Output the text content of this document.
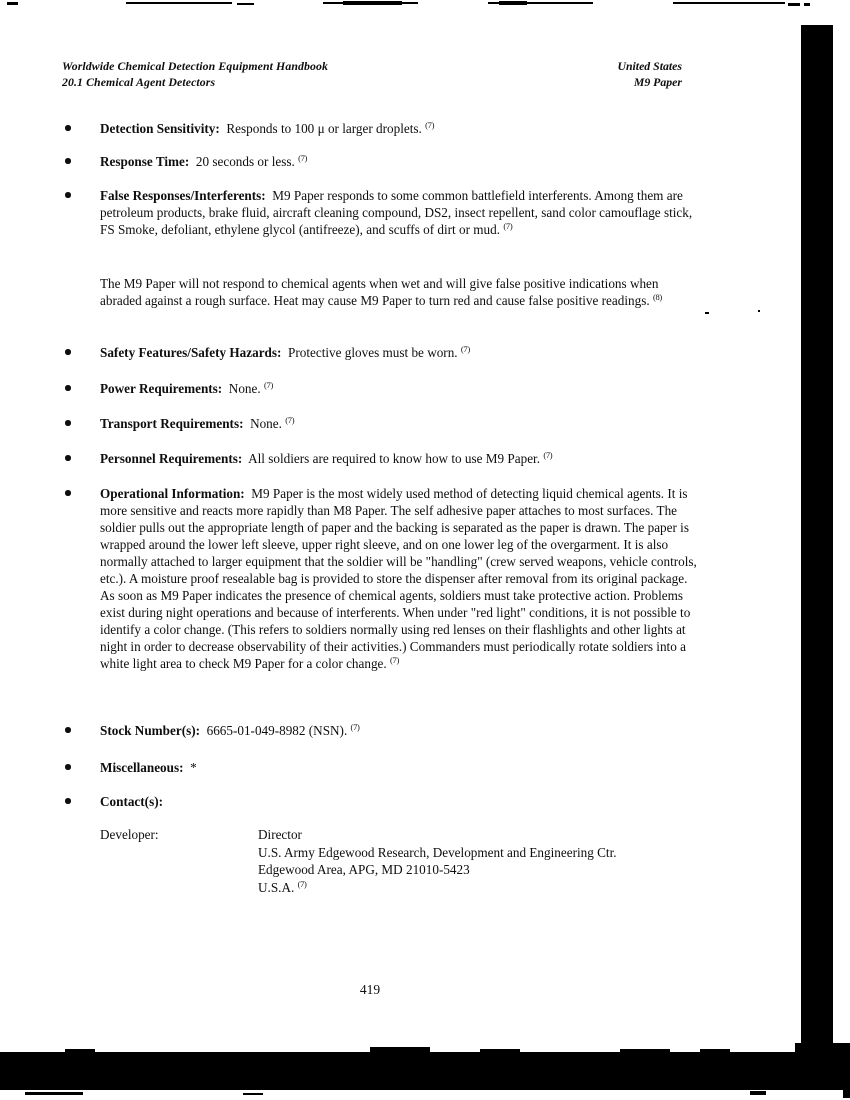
Worldwide Chemical Detection Equipment Handbook
20.1 Chemical Agent Detectors
United States
M9 Paper
Detection Sensitivity:  Responds to 100 μ or larger droplets. $^{(7)}$
Response Time:  20 seconds or less. $^{(7)}$
False Responses/Interferents:  M9 Paper responds to some common battlefield interferents. Among them are petroleum products, brake fluid, aircraft cleaning compound, DS2, insect repellent, sand color camouflage stick, FS Smoke, defoliant, ethylene glycol (antifreeze), and scuffs of dirt or mud. $^{(7)}$
The M9 Paper will not respond to chemical agents when wet and will give false positive indications when abraded against a rough surface. Heat may cause M9 Paper to turn red and cause false positive readings. $^{(8)}$
Safety Features/Safety Hazards:  Protective gloves must be worn. $^{(7)}$
Power Requirements:  None. $^{(7)}$
Transport Requirements:  None. $^{(7)}$
Personnel Requirements:  All soldiers are required to know how to use M9 Paper. $^{(7)}$
Operational Information:  M9 Paper is the most widely used method of detecting liquid chemical agents. It is more sensitive and reacts more rapidly than M8 Paper. The self adhesive paper attaches to most surfaces. The soldier pulls out the appropriate length of paper and the backing is separated as the paper is drawn. The paper is wrapped around the lower left sleeve, upper right sleeve, and on one lower leg of the overgarment. It is also normally attached to larger equipment that the soldier will be "handling" (crew served weapons, vehicle controls, etc.). A moisture proof resealable bag is provided to store the dispenser after removal from its original package. As soon as M9 Paper indicates the presence of chemical agents, soldiers must take protective action. Problems exist during night operations and because of interferents. When under "red light" conditions, it is not possible to identify a color change. (This refers to soldiers normally using red lenses on their flashlights and other lights at night in order to decrease observability of their activities.) Commanders must periodically rotate soldiers into a white light area to check M9 Paper for a color change. $^{(7)}$
Stock Number(s):  6665-01-049-8982 (NSN). $^{(7)}$
Miscellaneous:  *
Contact(s):
Developer:	Director
U.S. Army Edgewood Research, Development and Engineering Ctr.
Edgewood Area, APG, MD 21010-5423
U.S.A. $^{(7)}$
419
